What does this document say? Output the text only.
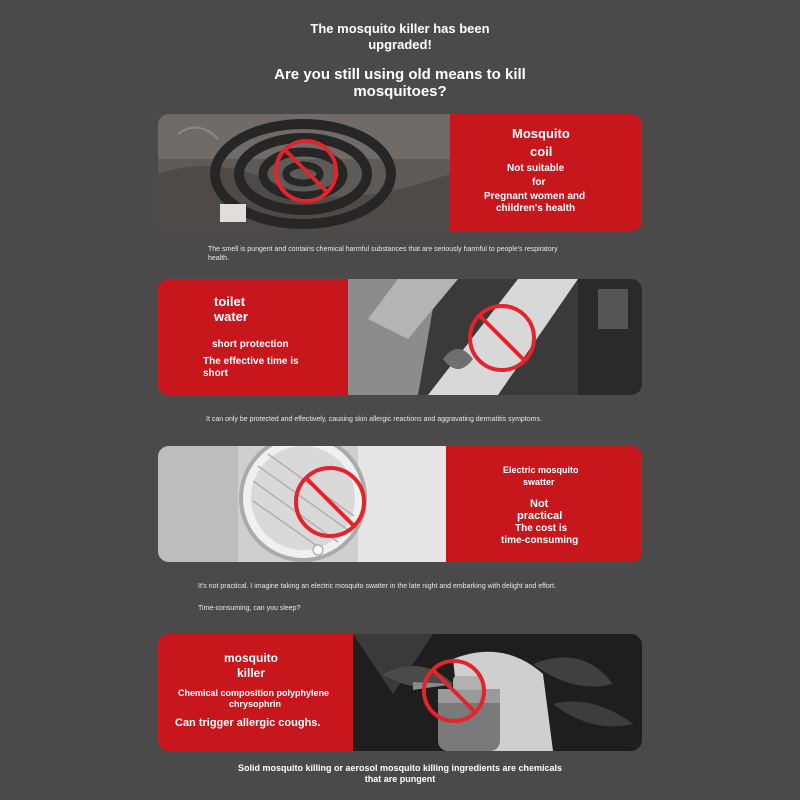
The mosquito killer has been
upgraded!
Are you still using old means to kill
mosquitoes?
Mosquito
coil
Not suitable
for
Pregnant women and
children's health
The smell is pungent and contains chemical harmful substances that are seriously harmful to people's respiratory
health.
toilet
water
short protection
The effective time is
short
It can only be protected and effectively, causing skin allergic reactions and aggravating dermatitis symptoms.
Electric mosquito
swatter
Not
practical
The cost is
time-consuming
It's not practical. I imagine taking an electric mosquito swatter in the late night and embarking with delight and effort.
Time-consuming, can you sleep?
mosquito
killer
Chemical composition polyphylene
chrysophrin
Can trigger allergic coughs.
Solid mosquito killing or aerosol mosquito killing ingredients are chemicals
that are pungent
